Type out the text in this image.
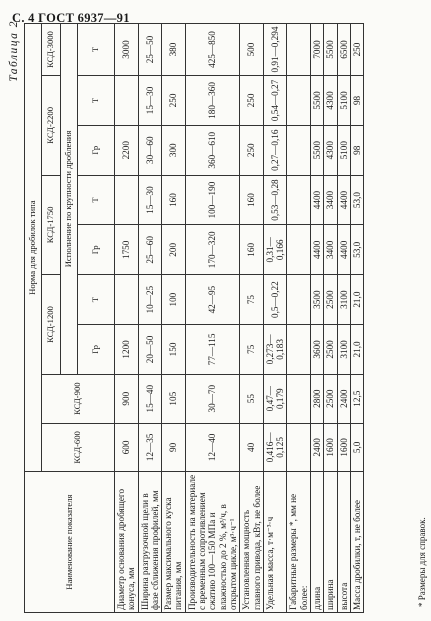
С. 4 ГОСТ 6937—91
Таблица 2
Наименование показателя	Норма для дробилок типа								
	КСД-600	КСД-900	КСД-1200		КСД-1750		КСД-2200		КСД-3000
			Исполнение по крупности дробления						
			Гр	Т	Гр	Т	Гр	Т	Т
Диаметр основания дробящего конуса, мм	600	900	1200		1750		2200		3000
Ширина разгрузочной щели в фазе сближения профилей, мм	12—35	15—40	20—50	10—25	25—60	15—30	30—60	15—30	25—50
Размер максимального куска питания, мм	90	105	150	100	200	160	300	250	380
Производительность на материале с временным сопротивлением сжатию 100—150 МПа и влажностью до 2 %, м³/ч, в открытом цикле, м³·ч⁻¹	12—40	30—70	77—115	42—95	170—320	100—190	360—610	180—360	425—850
Установленная мощность главного привода, кВт, не более	40	55	75	75	160	160	250	250	500
Удельная масса, т·м⁻³·ч	0,416—0,125	0,47—0,179	0,273—0,183	0,5—0,22	0,31—0,166	0,53—0,28	0,27—0,16	0,54—0,27	0,91—0,294
Габаритные размеры *, мм не более:									
длина	2400	2800	3600	3500	4400	4400	5500	5500	7000
ширина	1600	2500	2500	2500	3400	3400	4300	4300	5500
высота	1600	2400	3100	3100	4400	4400	5100	5100	6500
Масса дробилки, т, не более	5,0	12,5	21,0	21,0	53,0	53,0	98	98	250
* Размеры для справок.
